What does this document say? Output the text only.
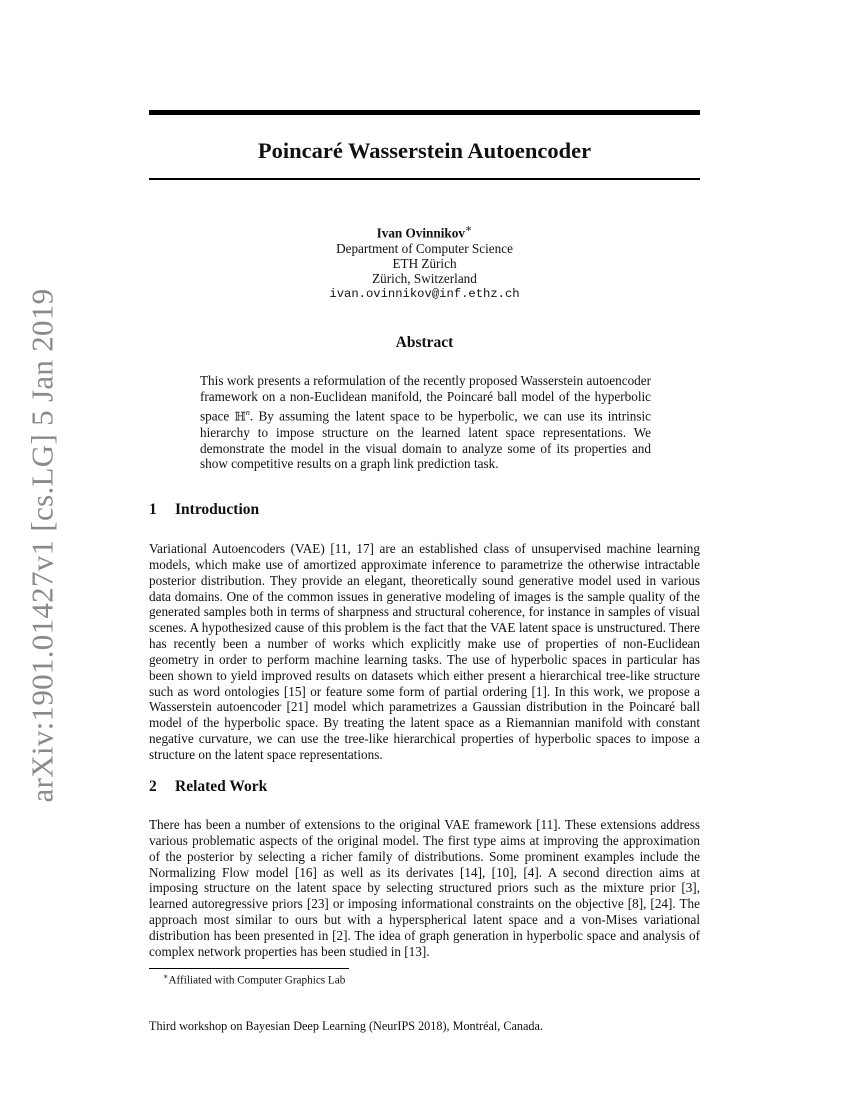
arXiv:1901.01427v1 [cs.LG] 5 Jan 2019
Poincaré Wasserstein Autoencoder
Ivan Ovinnikov∗
Department of Computer Science
ETH Zürich
Zürich, Switzerland
ivan.ovinnikov@inf.ethz.ch
Abstract

This work presents a reformulation of the recently proposed Wasserstein autoencoder framework on a non-Euclidean manifold, the Poincaré ball model of the hyperbolic space ℍ$^n$. By assuming the latent space to be hyperbolic, we can use its intrinsic hierarchy to impose structure on the learned latent space representations. We demonstrate the model in the visual domain to analyze some of its properties and show competitive results on a graph link prediction task.

1 Introduction

Variational Autoencoders (VAE) [11, 17] are an established class of unsupervised machine learning models, which make use of amortized approximate inference to parametrize the otherwise intractable posterior distribution. They provide an elegant, theoretically sound generative model used in various data domains. One of the common issues in generative modeling of images is the sample quality of the generated samples both in terms of sharpness and structural coherence, for instance in samples of visual scenes. A hypothesized cause of this problem is the fact that the VAE latent space is unstructured. There has recently been a number of works which explicitly make use of properties of non-Euclidean geometry in order to perform machine learning tasks. The use of hyperbolic spaces in particular has been shown to yield improved results on datasets which either present a hierarchical tree-like structure such as word ontologies [15] or feature some form of partial ordering [1]. In this work, we propose a Wasserstein autoencoder [21] model which parametrizes a Gaussian distribution in the Poincaré ball model of the hyperbolic space. By treating the latent space as a Riemannian manifold with constant negative curvature, we can use the tree-like hierarchical properties of hyperbolic spaces to impose a structure on the latent space representations.

2 Related Work

There has been a number of extensions to the original VAE framework [11]. These extensions address various problematic aspects of the original model. The first type aims at improving the approximation of the posterior by selecting a richer family of distributions. Some prominent examples include the Normalizing Flow model [16] as well as its derivates [14], [10], [4]. A second direction aims at imposing structure on the latent space by selecting structured priors such as the mixture prior [3], learned autoregressive priors [23] or imposing informational constraints on the objective [8], [24]. The approach most similar to ours but with a hyperspherical latent space and a von-Mises variational distribution has been presented in [2]. The idea of graph generation in hyperbolic space and analysis of complex network properties has been studied in [13].

∗Affiliated with Computer Graphics Lab

Third workshop on Bayesian Deep Learning (NeurIPS 2018), Montréal, Canada.
